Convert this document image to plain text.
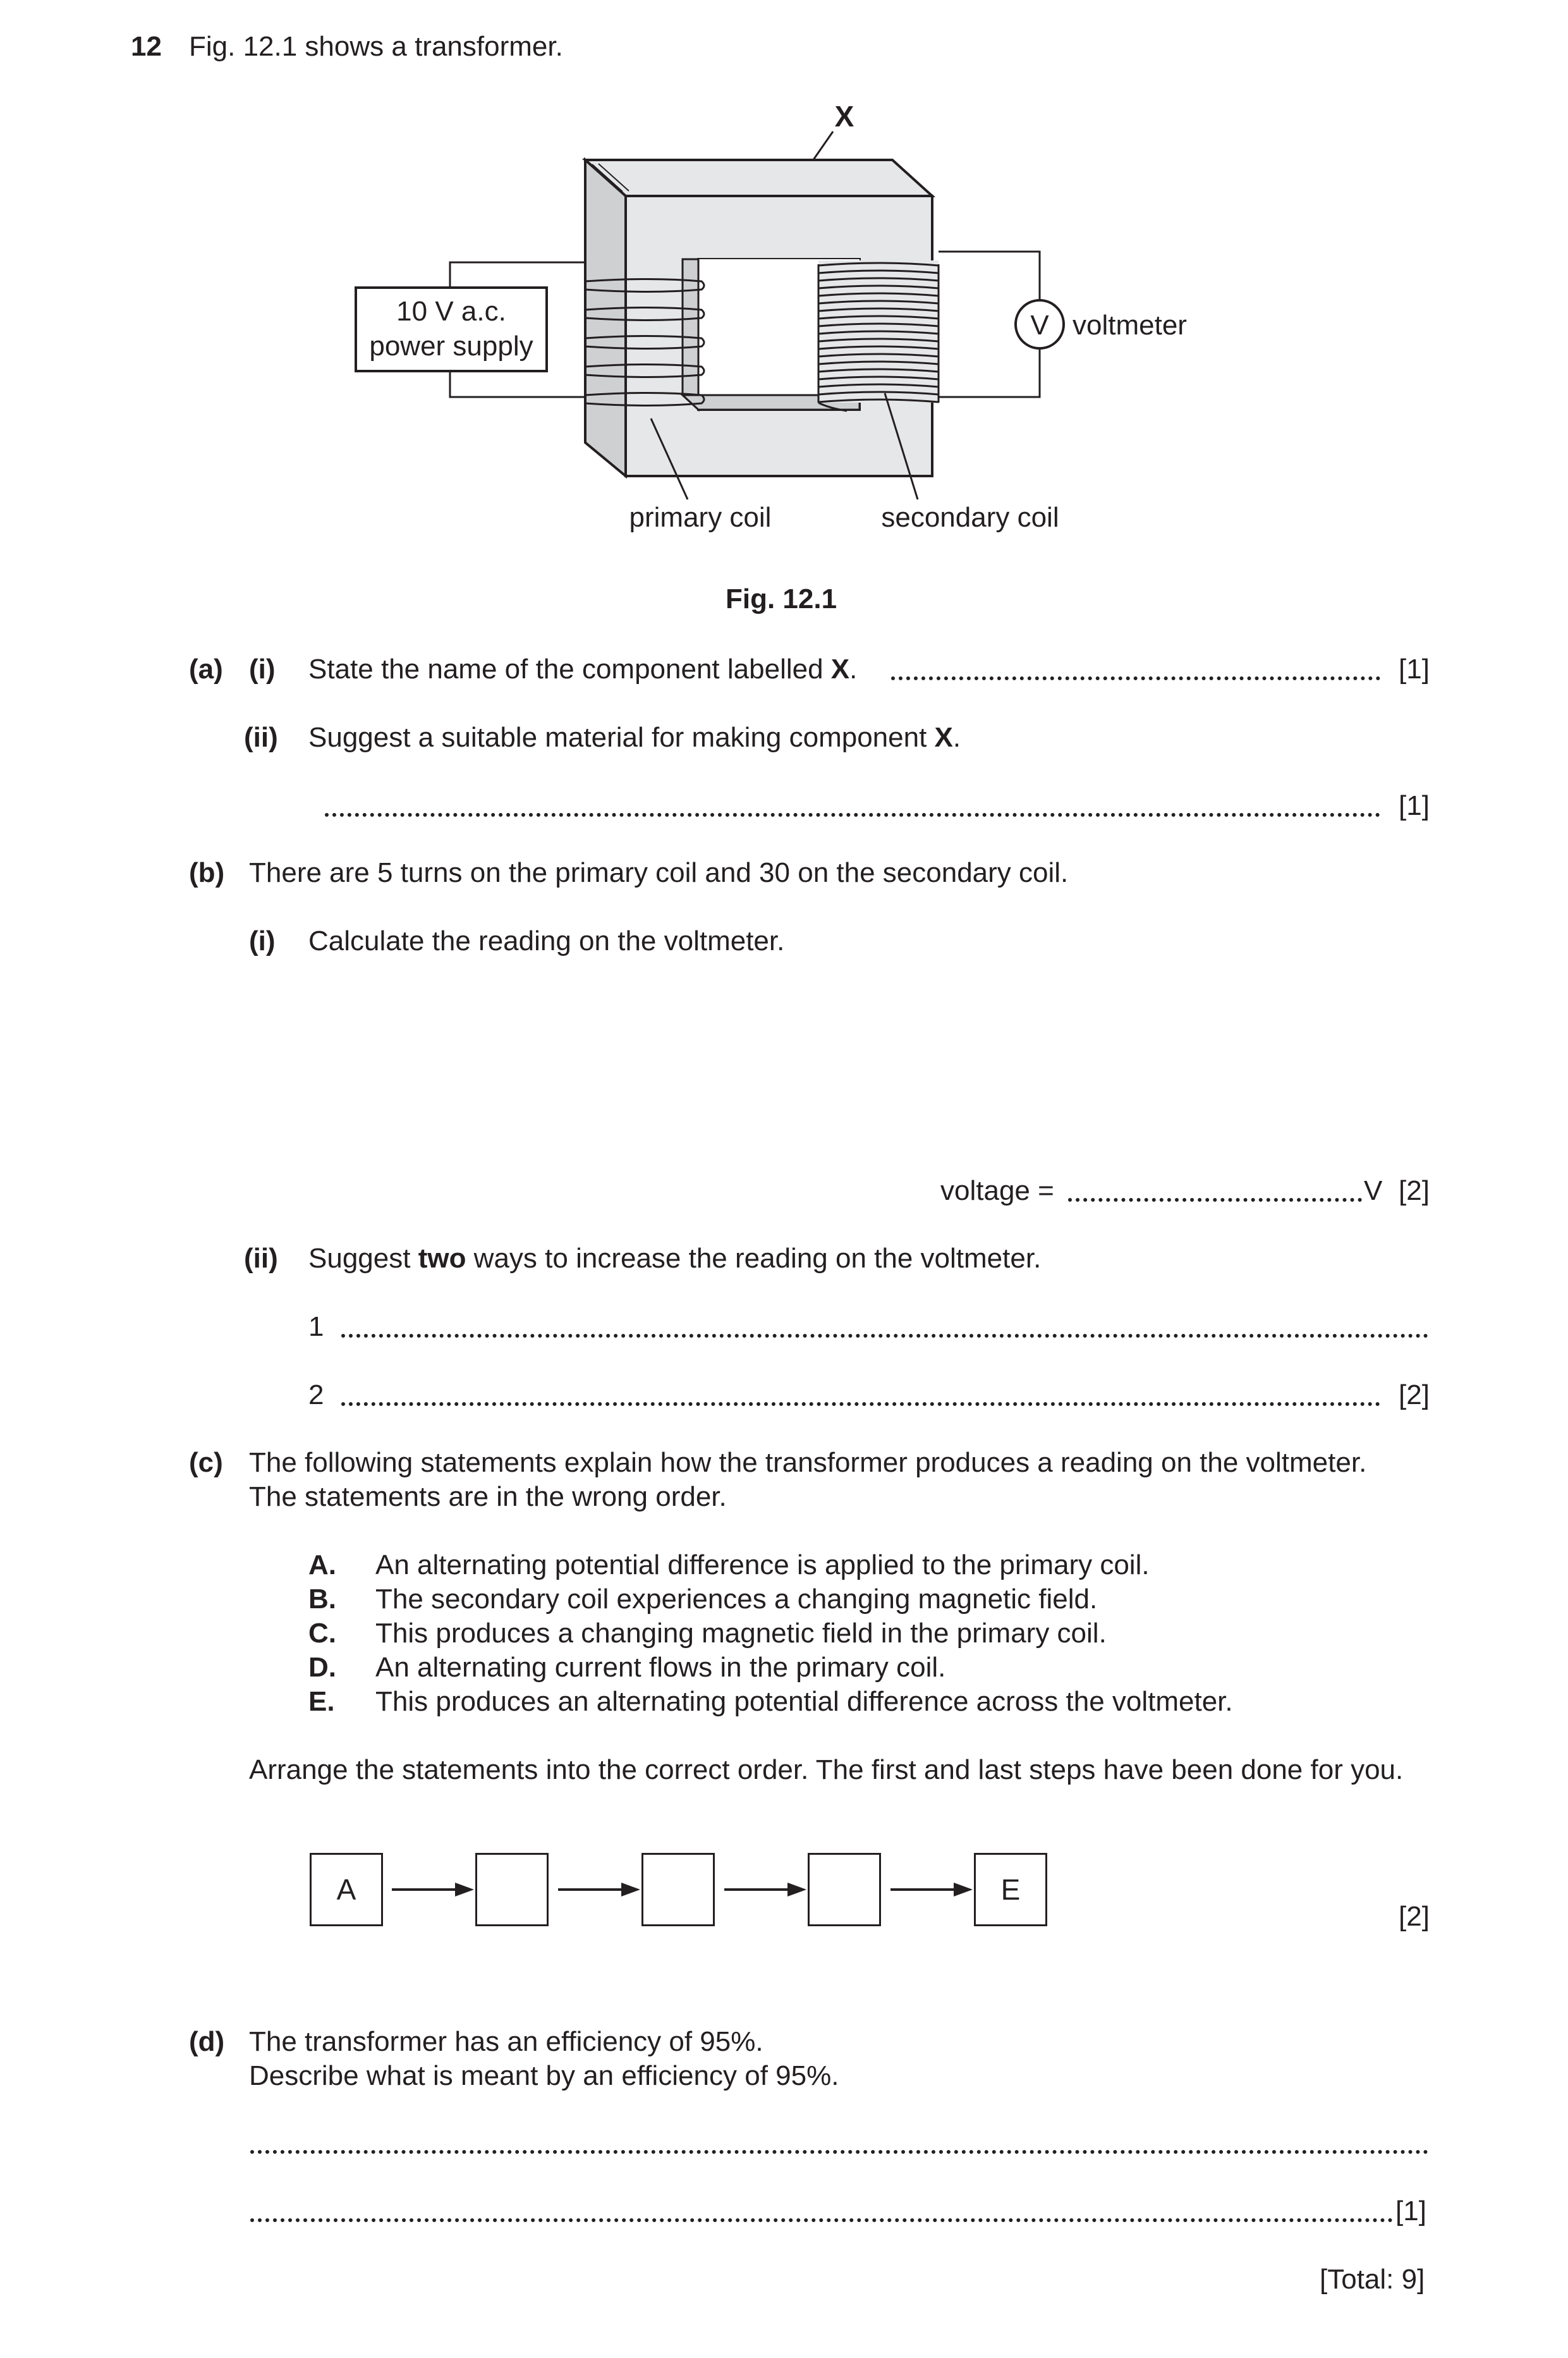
12 Fig. 12.1 shows a transformer.
X
10 V a.c.
power supply
V voltmeter
primary coil	secondary coil
Fig. 12.1
(a) (i) State the name of the component labelled X.	[1]
(ii) Suggest a suitable material for making component X.
[1]
(b) There are 5 turns on the primary coil and 30 on the secondary coil.
(i) Calculate the reading on the voltmeter.
voltage =	V [2]
(ii) Suggest two ways to increase the reading on the voltmeter.
1
2	[2]
(c) The following statements explain how the transformer produces a reading on the voltmeter.
The statements are in the wrong order.
A. An alternating potential difference is applied to the primary coil.
B. The secondary coil experiences a changing magnetic field.
C. This produces a changing magnetic field in the primary coil.
D. An alternating current flows in the primary coil.
E. This produces an alternating potential difference across the voltmeter.
Arrange the statements into the correct order. The first and last steps have been done for you.
A	E
[2]
(d) The transformer has an efficiency of 95%.
Describe what is meant by an efficiency of 95%.
[1]
[Total: 9]
